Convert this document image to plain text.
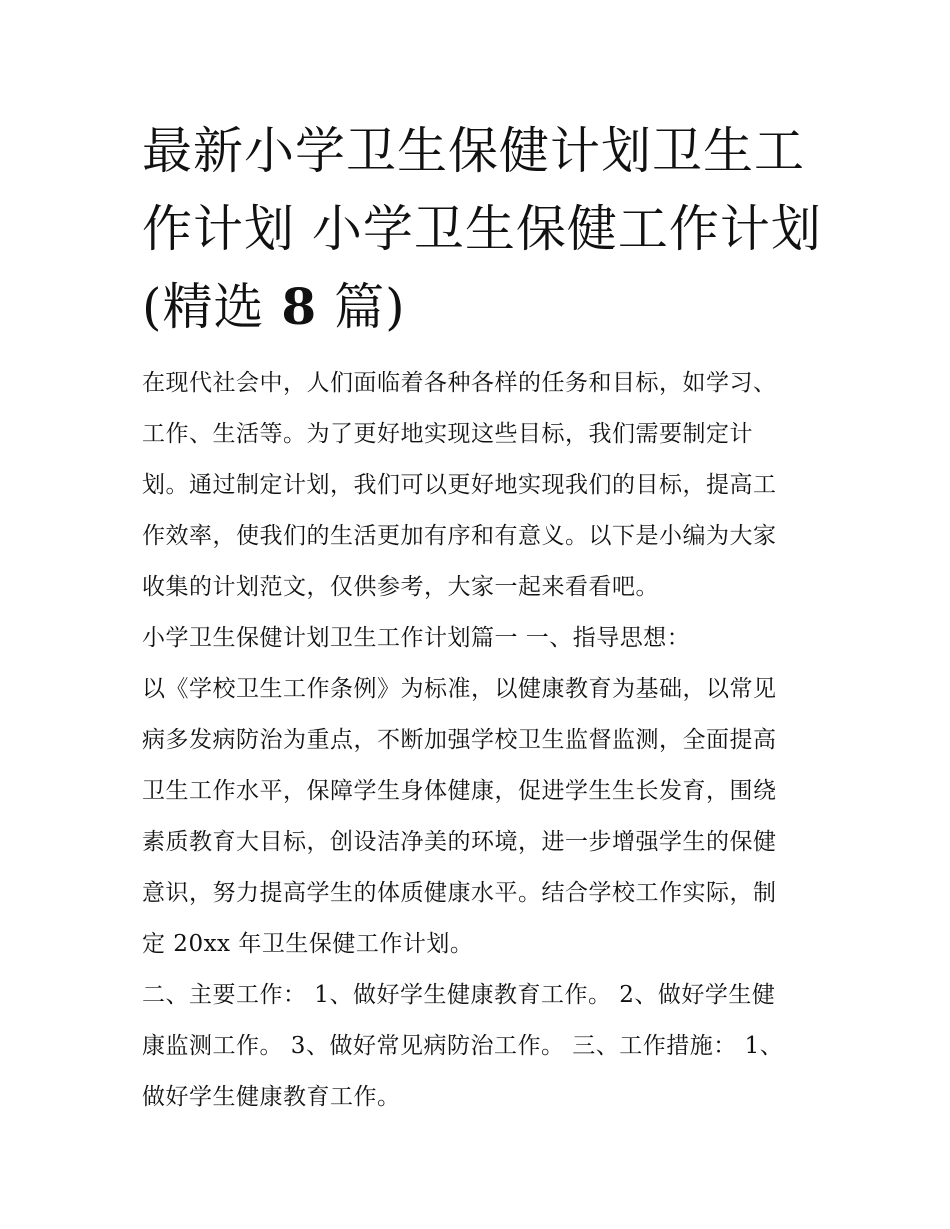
最新小学卫生保健计划卫生工
作计划 小学卫生保健工作计划
(精选 8 篇)
在现代社会中，人们面临着各种各样的任务和目标，如学习、
工作、生活等。为了更好地实现这些目标，我们需要制定计
划。通过制定计划，我们可以更好地实现我们的目标，提高工
作效率，使我们的生活更加有序和有意义。以下是小编为大家
收集的计划范文，仅供参考，大家一起来看看吧。
小学卫生保健计划卫生工作计划篇一 一、指导思想：
以《学校卫生工作条例》为标准，以健康教育为基础，以常见
病多发病防治为重点，不断加强学校卫生监督监测，全面提高
卫生工作水平，保障学生身体健康，促进学生生长发育，围绕
素质教育大目标，创设洁净美的环境，进一步增强学生的保健
意识，努力提高学生的体质健康水平。结合学校工作实际，制
定 20xx 年卫生保健工作计划。
二、主要工作： 1、做好学生健康教育工作。 2、做好学生健
康监测工作。 3、做好常见病防治工作。 三、工作措施： 1、
做好学生健康教育工作。
